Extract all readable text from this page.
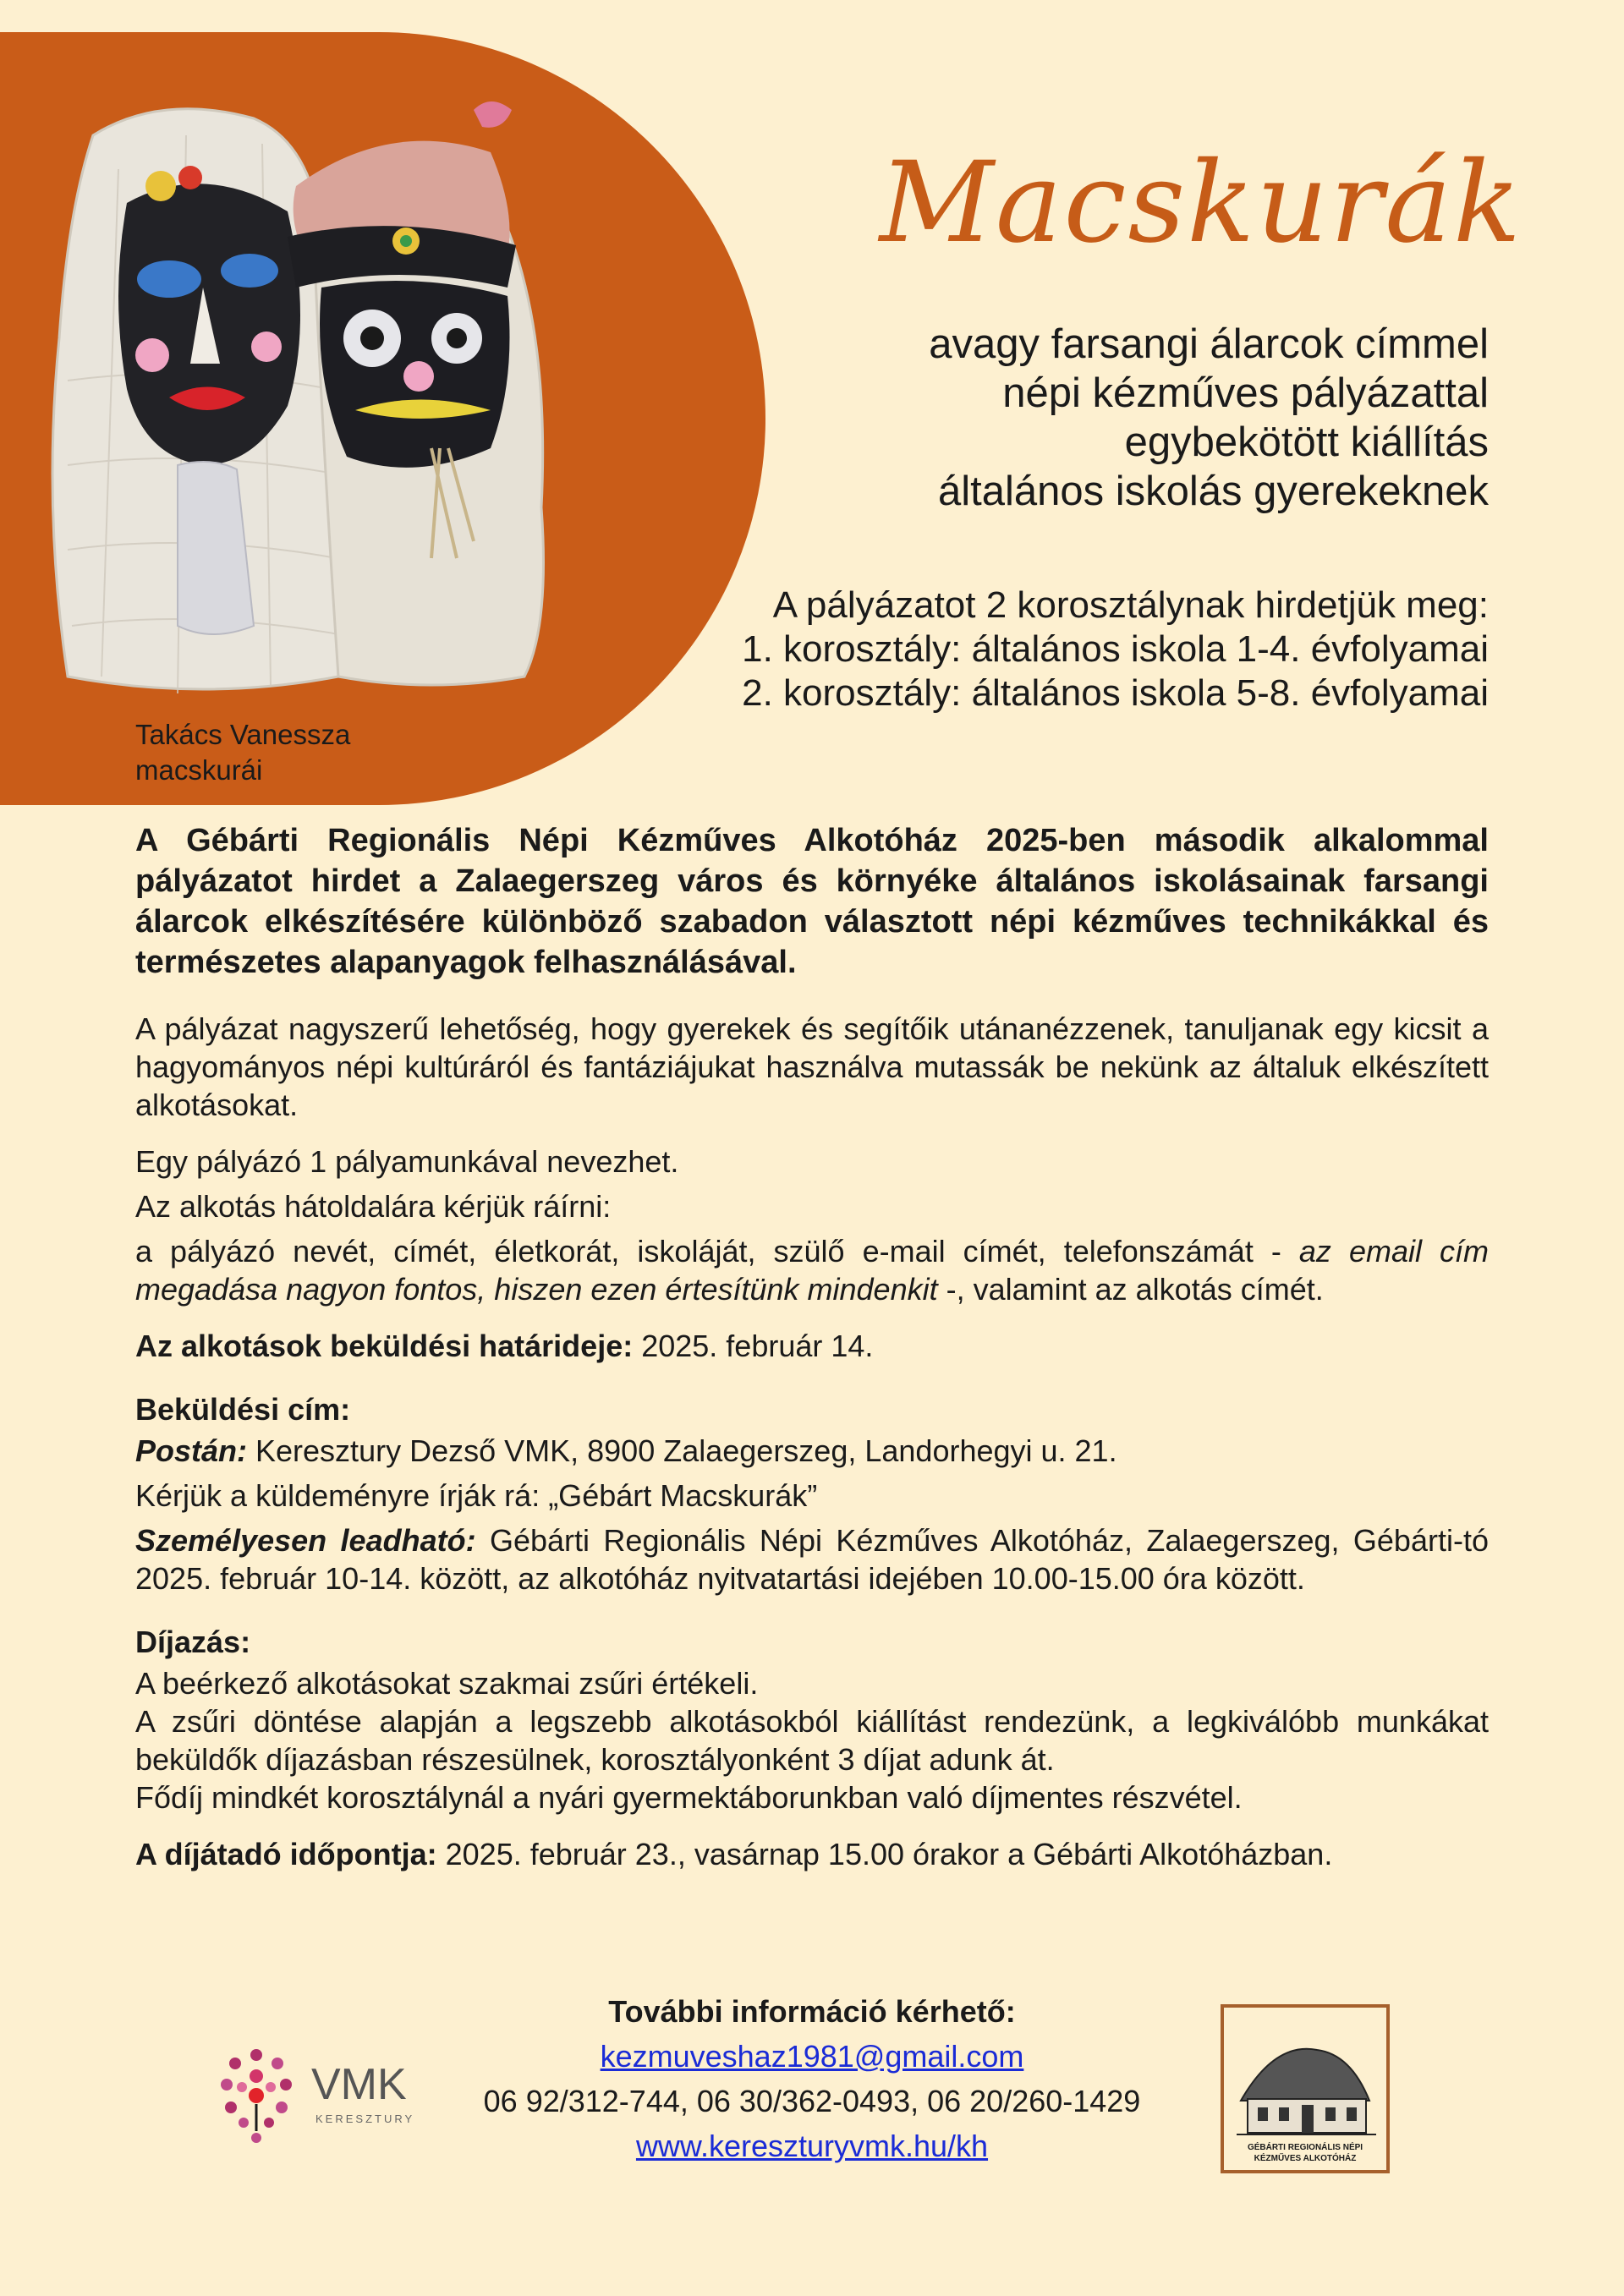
Takács Vanessza
macskurái
Macskurák
avagy farsangi álarcok címmel
népi kézműves pályázattal
egybekötött kiállítás
általános iskolás gyerekeknek
A pályázatot 2 korosztálynak hirdetjük meg:
1. korosztály: általános iskola 1-4. évfolyamai
2. korosztály: általános iskola 5-8. évfolyamai

A Gébárti Regionális Népi Kézműves Alkotóház 2025-ben második alkalommal pályázatot hirdet a Zalaegerszeg város és környéke általános iskolásainak farsangi álarcok elkészítésére különböző szabadon választott népi kézműves technikákkal és természetes alapanyagok felhasználásával.

A pályázat nagyszerű lehetőség, hogy gyerekek és segítőik utánanézzenek, tanuljanak egy kicsit a hagyományos népi kultúráról és fantáziájukat használva mutassák be nekünk az általuk elkészített alkotásokat.

Egy pályázó 1 pályamunkával nevezhet.

Az alkotás hátoldalára kérjük ráírni:

a pályázó nevét, címét, életkorát, iskoláját, szülő e-mail címét, telefonszámát - az email cím megadása nagyon fontos, hiszen ezen értesítünk mindenkit -, valamint az alkotás címét.

Az alkotások beküldési határideje: 2025. február 14.

Beküldési cím:

Postán: Keresztury Dezső VMK, 8900 Zalaegerszeg, Landorhegyi u. 21.

Kérjük a küldeményre írják rá: „Gébárt Macskurák”

Személyesen leadható: Gébárti Regionális Népi Kézműves Alkotóház, Zalaegerszeg, Gébárti-tó 2025. február 10-14. között, az alkotóház nyitvatartási idejében 10.00-15.00 óra között.

Díjazás:

A beérkező alkotásokat szakmai zsűri értékeli.

A zsűri döntése alapján a legszebb alkotásokból kiállítást rendezünk, a legkiválóbb munkákat beküldők díjazásban részesülnek, korosztályonként 3 díjat adunk át.

Fődíj mindkét korosztálynál a nyári gyermektáborunkban való díjmentes részvétel.

A díjátadó időpontja: 2025. február 23., vasárnap 15.00 órakor a Gébárti Alkotóházban.

VMK
KERESZTURY
További információ kérhető:
kezmuveshaz1981@gmail.com
06 92/312-744, 06 30/362-0493, 06 20/260-1429
www.kereszturyvmk.hu/kh	GÉBÁRTI REGIONÁLIS NÉPI
KÉZMŰVES ALKOTÓHÁZ
